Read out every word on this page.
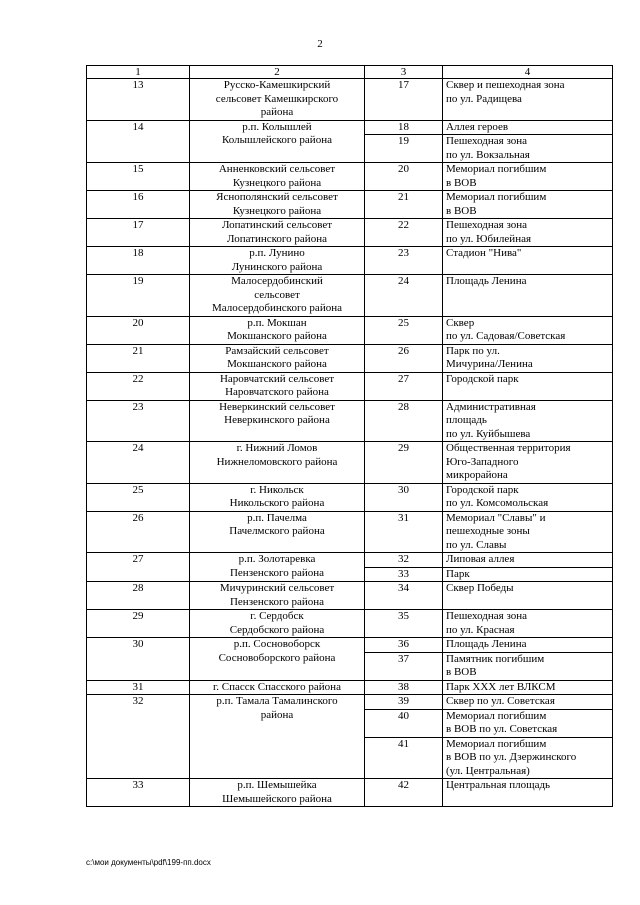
2
1	2	3	4
13	Русско-Камешкирский
сельсовет Камешкирского
района	17	Сквер и пешеходная зона
по ул. Радищева
14	р.п. Колышлей
Колышлейского района	18	Аллея героев
		19	Пешеходная зона
по ул. Вокзальная
15	Анненковский сельсовет
Кузнецкого района	20	Мемориал погибшим
в ВОВ
16	Яснополянский сельсовет
Кузнецкого района	21	Мемориал погибшим
в ВОВ
17	Лопатинский сельсовет
Лопатинского района	22	Пешеходная зона
по ул. Юбилейная
18	р.п. Лунино
Лунинского района	23	Стадион "Нива"
19	Малосердобинский
сельсовет
Малосердобинского района	24	Площадь Ленина
20	р.п. Мокшан
Мокшанского района	25	Сквер
по ул. Садовая/Советская
21	Рамзайский сельсовет
Мокшанского района	26	Парк по ул.
Мичурина/Ленина
22	Наровчатский сельсовет
Наровчатского района	27	Городской парк
23	Неверкинский сельсовет
Неверкинского района	28	Административная
площадь
по ул. Куйбышева
24	г. Нижний Ломов
Нижнеломовского района	29	Общественная территория
Юго-Западного
микрорайона
25	г. Никольск
Никольского района	30	Городской парк
по ул. Комсомольская
26	р.п. Пачелма
Пачелмского района	31	Мемориал "Славы" и
пешеходные зоны
по ул. Славы
27	р.п. Золотаревка
Пензенского района	32	Липовая аллея
		33	Парк
28	Мичуринский сельсовет
Пензенского района	34	Сквер Победы
29	г. Сердобск
Сердобского района	35	Пешеходная зона
по ул. Красная
30	р.п. Сосновоборск
Сосновоборского района	36	Площадь Ленина
		37	Памятник погибшим
в ВОВ
31	г. Спасск Спасского района	38	Парк XXX лет ВЛКСМ
32	р.п. Тамала Тамалинского
района	39	Сквер по ул. Советская
		40	Мемориал погибшим
в ВОВ по ул. Советская
		41	Мемориал погибшим
в ВОВ по ул. Дзержинского
(ул. Центральная)
33	р.п. Шемышейка
Шемышейского района	42	Центральная площадь
c:\мои документы\pdf\199-пп.docx
